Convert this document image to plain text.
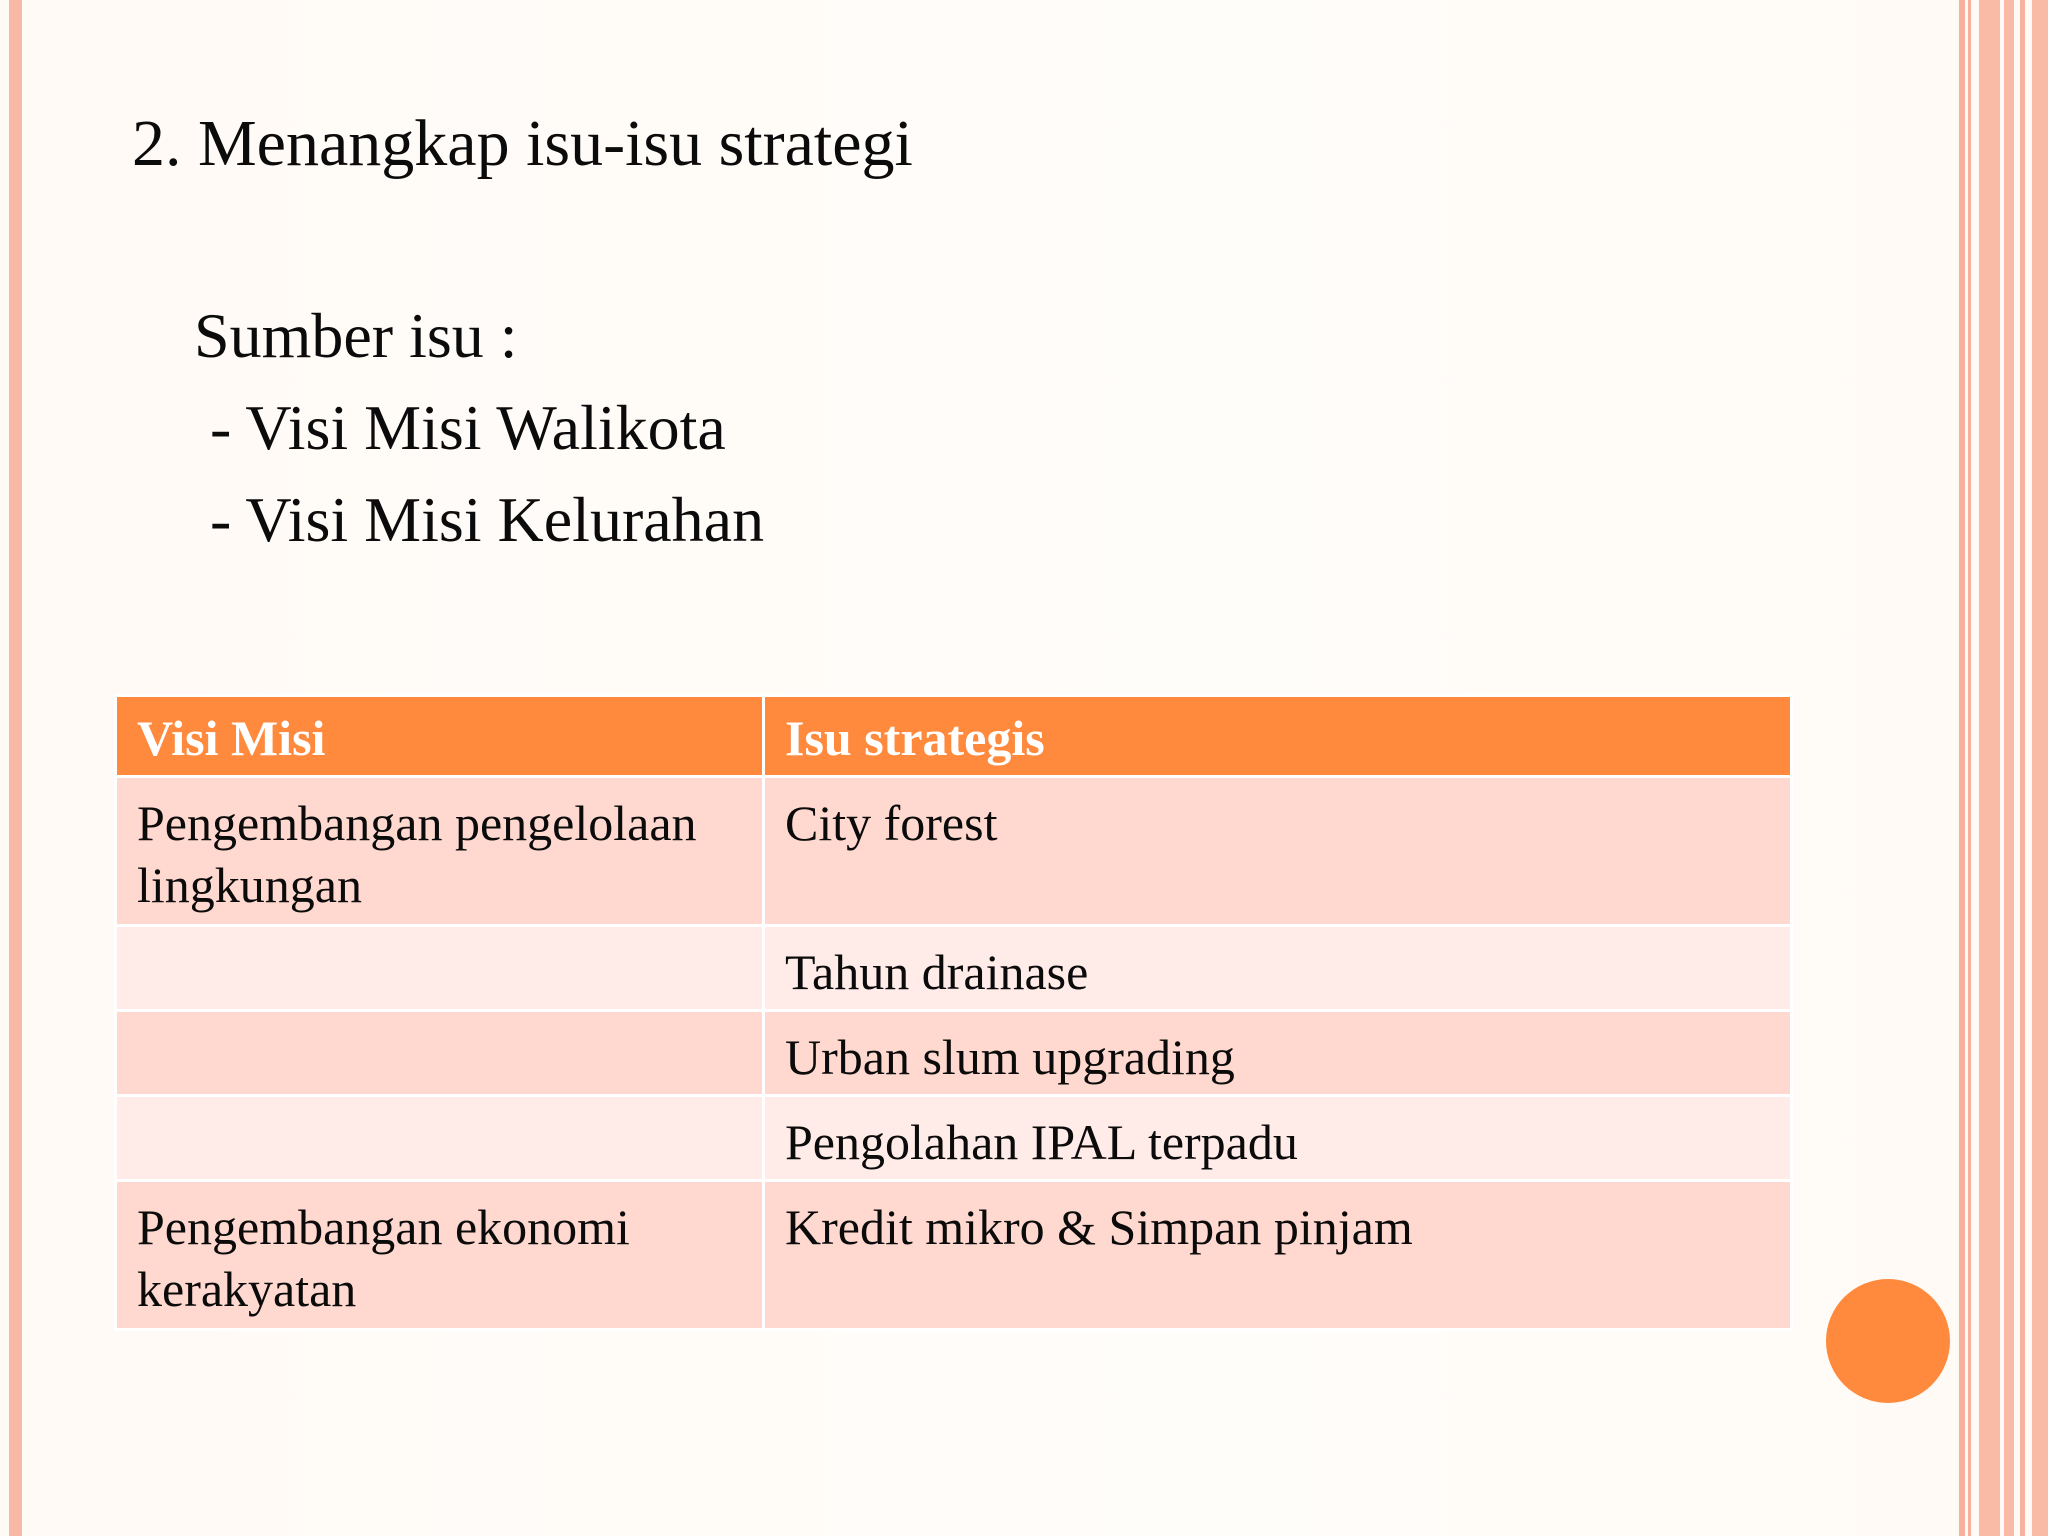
2. Menangkap isu-isu strategi
Sumber isu :
- Visi Misi Walikota
- Visi Misi Kelurahan
Visi Misi	Isu strategis
Pengembangan pengelolaan lingkungan	City forest
	Tahun drainase
	Urban slum upgrading
	Pengolahan IPAL terpadu
Pengembangan ekonomi kerakyatan	Kredit mikro & Simpan pinjam
